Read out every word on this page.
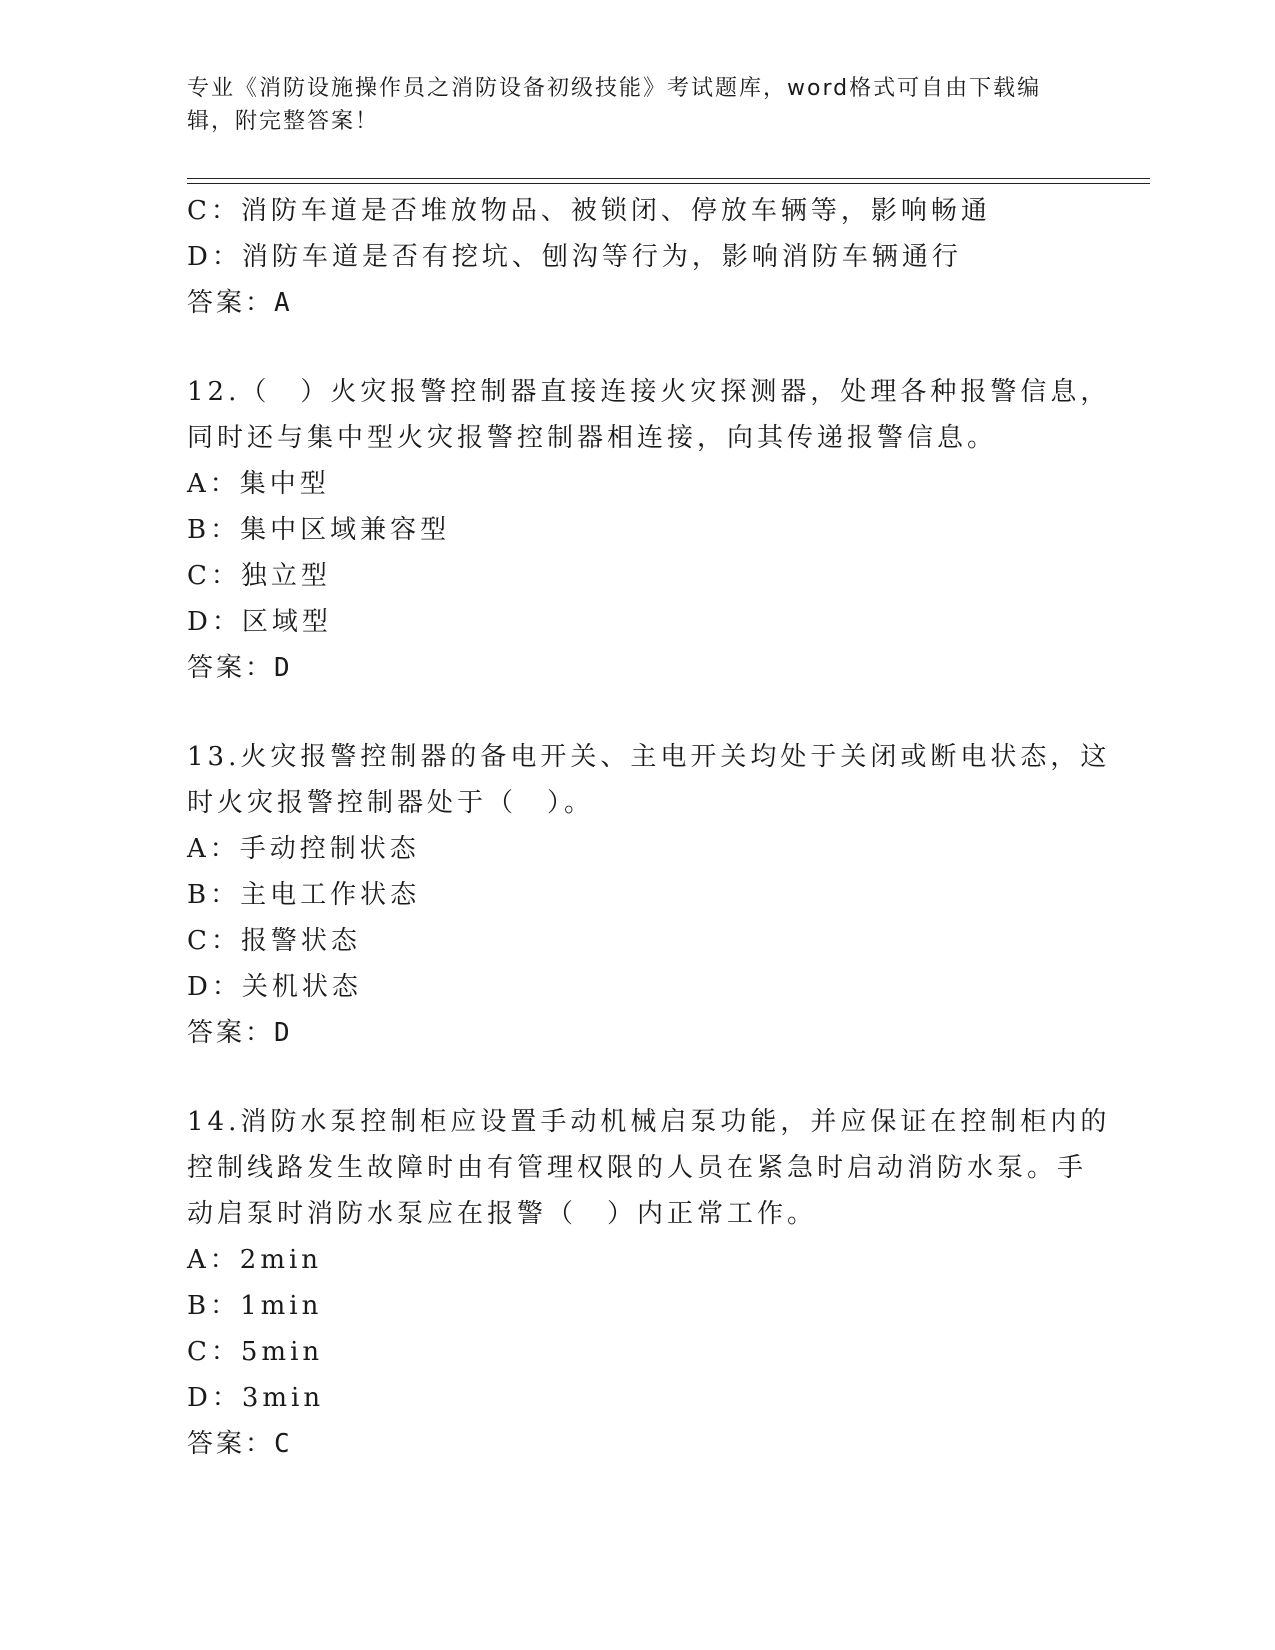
专业《消防设施操作员之消防设备初级技能》考试题库，word格式可自由下载编
辑，附完整答案！
C：消防车道是否堆放物品、被锁闭、停放车辆等，影响畅通
D：消防车道是否有挖坑、刨沟等行为，影响消防车辆通行
答案：A
12.（　）火灾报警控制器直接连接火灾探测器，处理各种报警信息，
同时还与集中型火灾报警控制器相连接，向其传递报警信息。
A：集中型
B：集中区域兼容型
C：独立型
D：区域型
答案：D
13.火灾报警控制器的备电开关、主电开关均处于关闭或断电状态，这
时火灾报警控制器处于（　）。
A：手动控制状态
B：主电工作状态
C：报警状态
D：关机状态
答案：D
14.消防水泵控制柜应设置手动机械启泵功能，并应保证在控制柜内的
控制线路发生故障时由有管理权限的人员在紧急时启动消防水泵。手
动启泵时消防水泵应在报警（　）内正常工作。
A：2min
B：1min
C：5min
D：3min
答案：C
